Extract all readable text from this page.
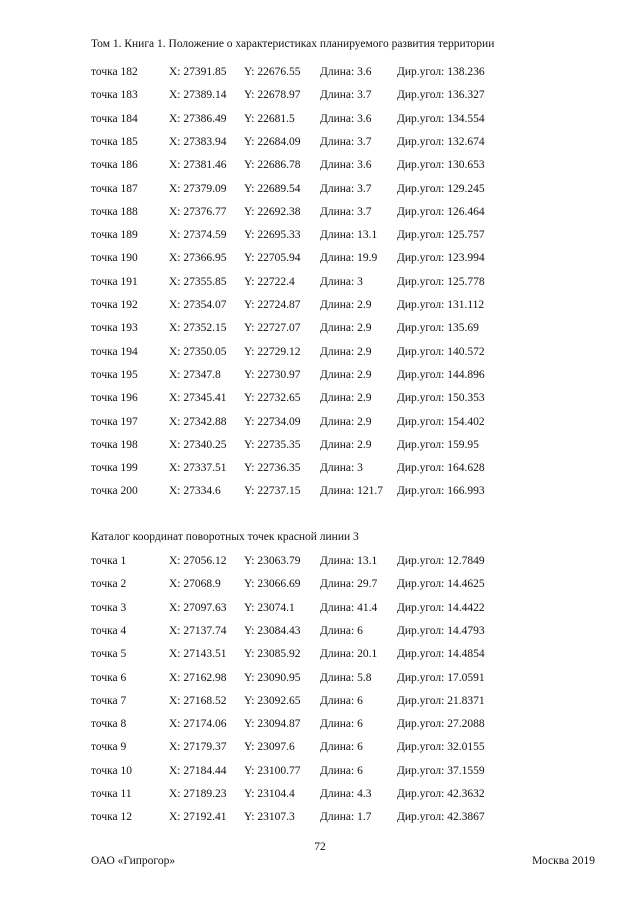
Том 1. Книга 1. Положение о характеристиках планируемого развития территории
точка 182	X: 27391.85 Y: 22676.55 Длина: 3.6 Дир.угол: 138.236
точка 183	X: 27389.14 Y: 22678.97 Длина: 3.7 Дир.угол: 136.327
точка 184	X: 27386.49 Y: 22681.5 Длина: 3.6 Дир.угол: 134.554
точка 185	X: 27383.94 Y: 22684.09 Длина: 3.7 Дир.угол: 132.674
точка 186	X: 27381.46 Y: 22686.78 Длина: 3.6 Дир.угол: 130.653
точка 187	X: 27379.09 Y: 22689.54 Длина: 3.7 Дир.угол: 129.245
точка 188	X: 27376.77 Y: 22692.38 Длина: 3.7 Дир.угол: 126.464
точка 189	X: 27374.59 Y: 22695.33 Длина: 13.1 Дир.угол: 125.757
точка 190	X: 27366.95 Y: 22705.94 Длина: 19.9 Дир.угол: 123.994
точка 191	X: 27355.85 Y: 22722.4 Длина: 3	Дир.угол: 125.778
точка 192	X: 27354.07 Y: 22724.87 Длина: 2.9 Дир.угол: 131.112
точка 193	X: 27352.15 Y: 22727.07 Длина: 2.9 Дир.угол: 135.69
точка 194	X: 27350.05 Y: 22729.12 Длина: 2.9 Дир.угол: 140.572
точка 195	X: 27347.8 Y: 22730.97 Длина: 2.9 Дир.угол: 144.896
точка 196	X: 27345.41 Y: 22732.65 Длина: 2.9 Дир.угол: 150.353
точка 197	X: 27342.88 Y: 22734.09 Длина: 2.9 Дир.угол: 154.402
точка 198	X: 27340.25 Y: 22735.35 Длина: 2.9 Дир.угол: 159.95
точка 199	X: 27337.51 Y: 22736.35 Длина: 3	Дир.угол: 164.628
точка 200	X: 27334.6 Y: 22737.15 Длина: 121.7 Дир.угол: 166.993
Каталог координат поворотных точек красной линии 3
точка 1	X: 27056.12 Y: 23063.79 Длина: 13.1 Дир.угол: 12.7849
точка 2	X: 27068.9 Y: 23066.69 Длина: 29.7 Дир.угол: 14.4625
точка 3	X: 27097.63 Y: 23074.1 Длина: 41.4 Дир.угол: 14.4422
точка 4	X: 27137.74 Y: 23084.43 Длина: 6	Дир.угол: 14.4793
точка 5	X: 27143.51 Y: 23085.92 Длина: 20.1 Дир.угол: 14.4854
точка 6	X: 27162.98 Y: 23090.95 Длина: 5.8 Дир.угол: 17.0591
точка 7	X: 27168.52 Y: 23092.65 Длина: 6	Дир.угол: 21.8371
точка 8	X: 27174.06 Y: 23094.87 Длина: 6	Дир.угол: 27.2088
точка 9	X: 27179.37 Y: 23097.6 Длина: 6	Дир.угол: 32.0155
точка 10	X: 27184.44 Y: 23100.77 Длина: 6	Дир.угол: 37.1559
точка 11	X: 27189.23 Y: 23104.4 Длина: 4.3 Дир.угол: 42.3632
точка 12	X: 27192.41 Y: 23107.3 Длина: 1.7 Дир.угол: 42.3867
72
ОАО «Гипрогор»	Москва 2019
